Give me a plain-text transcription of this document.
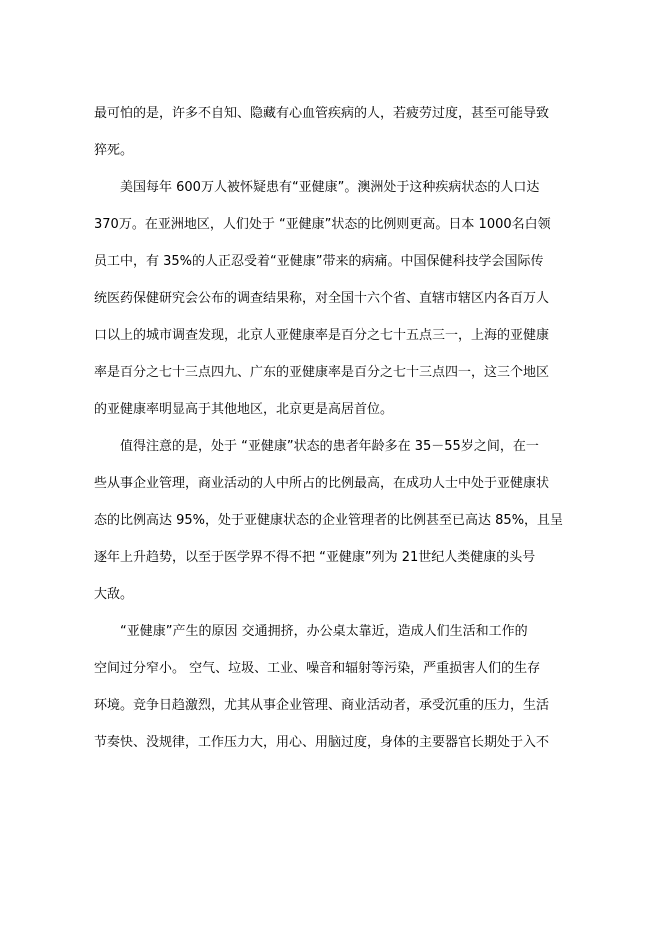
最可怕的是，许多不自知、隐藏有心血管疾病的人，若疲劳过度，甚至可能导致

猝死。

美国每年 600万人被怀疑患有“亚健康”。澳洲处于这种疾病状态的人口达

370万。在亚洲地区，人们处于 “亚健康”状态的比例则更高。日本 1000名白领

员工中，有 35%的人正忍受着“亚健康”带来的病痛。中国保健科技学会国际传

统医药保健研究会公布的调查结果称，对全国十六个省、直辖市辖区内各百万人

口以上的城市调查发现，北京人亚健康率是百分之七十五点三一，上海的亚健康

率是百分之七十三点四九、广东的亚健康率是百分之七十三点四一，这三个地区

的亚健康率明显高于其他地区，北京更是高居首位。

值得注意的是，处于 “亚健康”状态的患者年龄多在 35－55岁之间，在一

些从事企业管理，商业活动的人中所占的比例最高，在成功人士中处于亚健康状

态的比例高达 95%，处于亚健康状态的企业管理者的比例甚至已高达 85%，且呈

逐年上升趋势，以至于医学界不得不把 “亚健康”列为 21世纪人类健康的头号

大敌。

“亚健康”产生的原因 交通拥挤，办公桌太靠近，造成人们生活和工作的

空间过分窄小。 空气、垃圾、工业、噪音和辐射等污染，严重损害人们的生存

环境。竞争日趋激烈，尤其从事企业管理、商业活动者，承受沉重的压力，生活

节奏快、没规律，工作压力大，用心、用脑过度，身体的主要器官长期处于入不
